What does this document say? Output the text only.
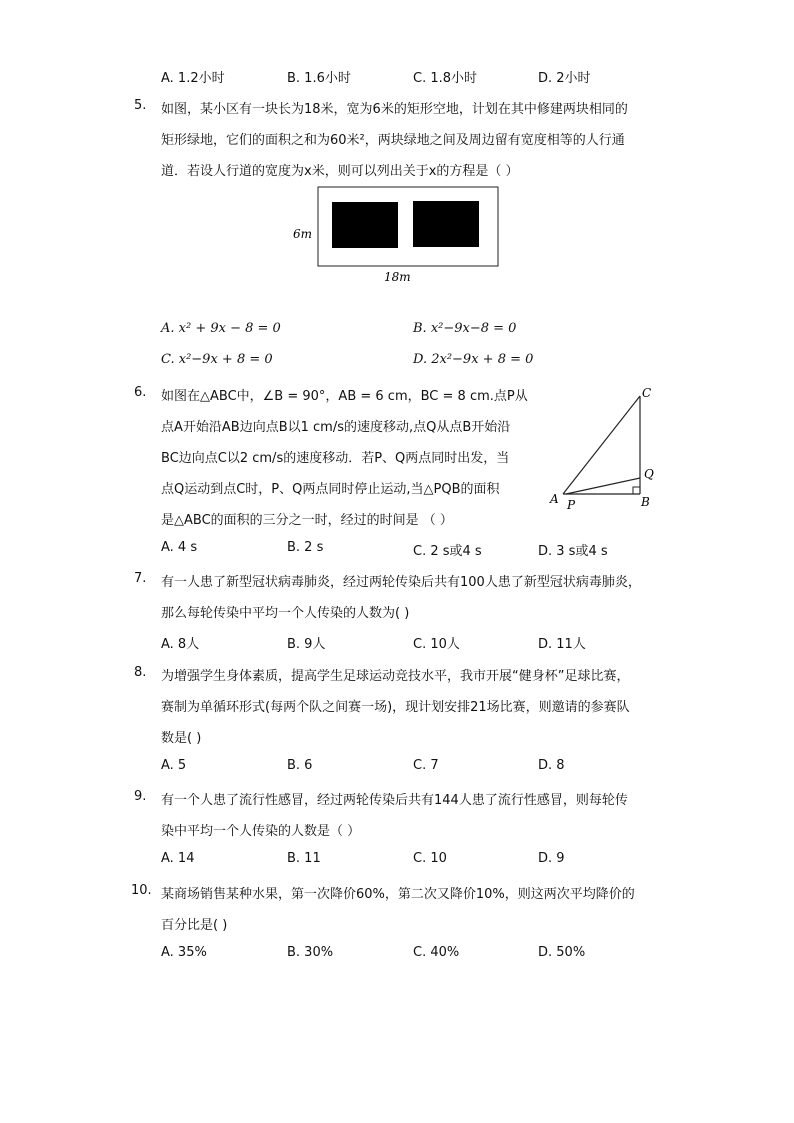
A. 1.2小时	B. 1.6小时	C. 1.8小时	D. 2小时
5.	如图，某小区有一块长为18米，宽为6米的矩形空地，计划在其中修建两块相同的
矩形绿地，它们的面积之和为60米²，两块绿地之间及周边留有宽度相等的人行通
道．若设人行道的宽度为x米，则可以列出关于x的方程是（ ）
6m
18m
A. x² + 9x − 8 = 0	B. x²−9x−8 = 0
C. x²−9x + 8 = 0	D. 2x²−9x + 8 = 0
6.	如图在△ABC中，∠B = 90°，AB = 6 cm，BC = 8 cm.点P从
点A开始沿AB边向点B以1 cm/s的速度移动,点Q从点B开始沿
BC边向点C以2 cm/s的速度移动．若P、Q两点同时出发，当
点Q运动到点C时，P、Q两点同时停止运动,当△PQB的面积
是△ABC的面积的三分之一时，经过的时间是 （ ）
C
Q
B
A P
A. 4 s	B. 2 s	C. 2 s或4 s	D. 3 s或4 s
7.	有一人患了新型冠状病毒肺炎，经过两轮传染后共有100人患了新型冠状病毒肺炎，
那么每轮传染中平均一个人传染的人数为( )
A. 8人	B. 9人	C. 10人	D. 11人
8.	为增强学生身体素质，提高学生足球运动竞技水平，我市开展“健身杯”足球比赛，
赛制为单循环形式(每两个队之间赛一场)，现计划安排21场比赛，则邀请的参赛队
数是( )
A. 5	B. 6	C. 7	D. 8
9.	有一个人患了流行性感冒，经过两轮传染后共有144人患了流行性感冒，则每轮传
染中平均一个人传染的人数是（ ）
A. 14	B. 11	C. 10	D. 9
10. 某商场销售某种水果，第一次降价60%，第二次又降价10%，则这两次平均降价的
百分比是( )
A. 35%	B. 30%	C. 40%	D. 50%
